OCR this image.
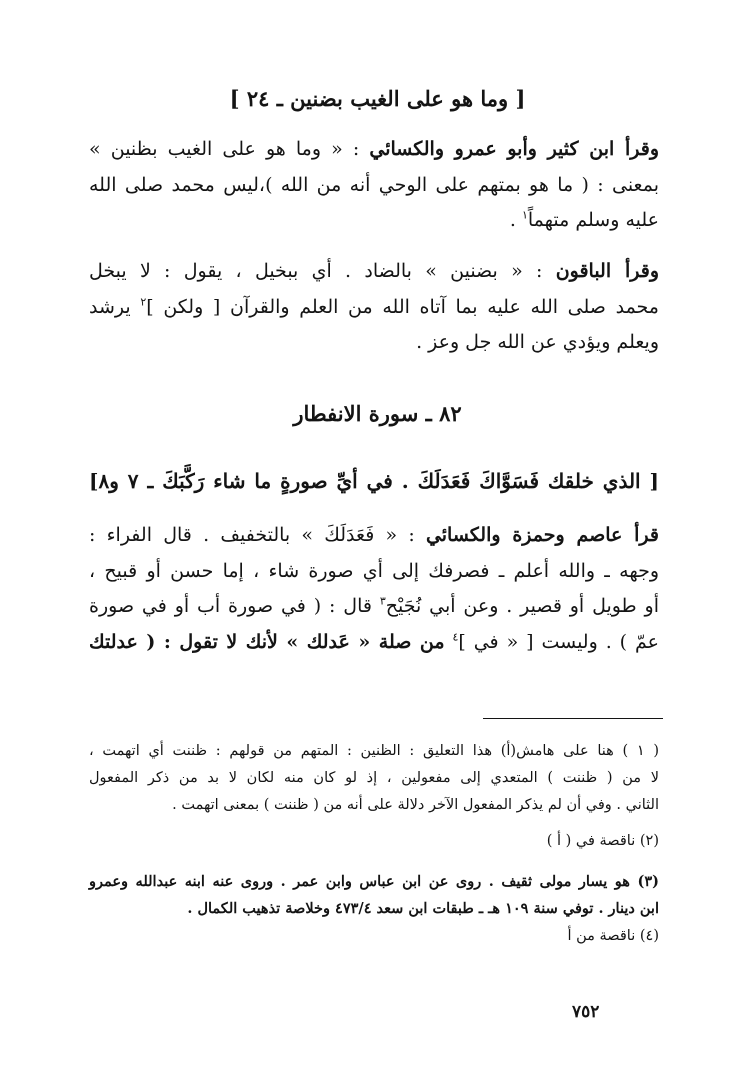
[ وما هو على الغيب بضنين ـ ٢٤ ]
وقرأ ابن كثير وأبو عمرو والكسائي : « وما هو على الغيب بظنين »
بمعنى : ( ما هو بمتهم على الوحي أنه من الله )،ليس محمد صلى الله
عليه وسلم متهماً$^١$ .
وقرأ الباقون : « بضنين » بالضاد . أي ببخيل ، يقول : لا يبخل
محمد صلى الله عليه بما آتاه الله من العلم والقرآن [ ولكن ]$^٢$ يرشد
ويعلم ويؤدي عن الله جل وعز .
٨٢ ـ سورة الانفطار
[ الذي خلقك فَسَوَّاكَ فَعَدَلَكَ . في أيِّ صورةٍ ما شاء رَكَّبَكَ ـ ٧ و٨]
قرأ عاصم وحمزة والكسائي : « فَعَدَلَكَ » بالتخفيف . قال الفراء :
وجهه ـ والله أعلم ـ فصرفك إلى أي صورة شاء ، إما حسن أو قبيح ،
أو طويل أو قصير . وعن أبي نُجَيْح$^٣$ قال : ( في صورة أب أو في صورة
عمّ ) . وليست [ « في ]$^٤$ من صلة « عَدلك » لأنك لا تقول : ( عدلتك
( ١ ) هنا على هامش(أ) هذا التعليق : الظنين : المتهم من قولهم : ظننت أي اتهمت ،
لا من ( ظننت ) المتعدي إلى مفعولين ، إذ لو كان منه لكان لا بد من ذكر المفعول
الثاني . وفي أن لم يذكر المفعول الآخر دلالة على أنه من ( ظننت ) بمعنى اتهمت .
(٢) ناقصة في ( أ )
(٣) هو يسار مولى ثقيف . روى عن ابن عباس وابن عمر . وروى عنه ابنه عبدالله وعمرو
ابن دينار . توفي سنة ١٠٩ هـ ـ طبقات ابن سعد ٤٧٣/٤ وخلاصة تذهيب الكمال .
(٤) ناقصة من أ
٧٥٢
